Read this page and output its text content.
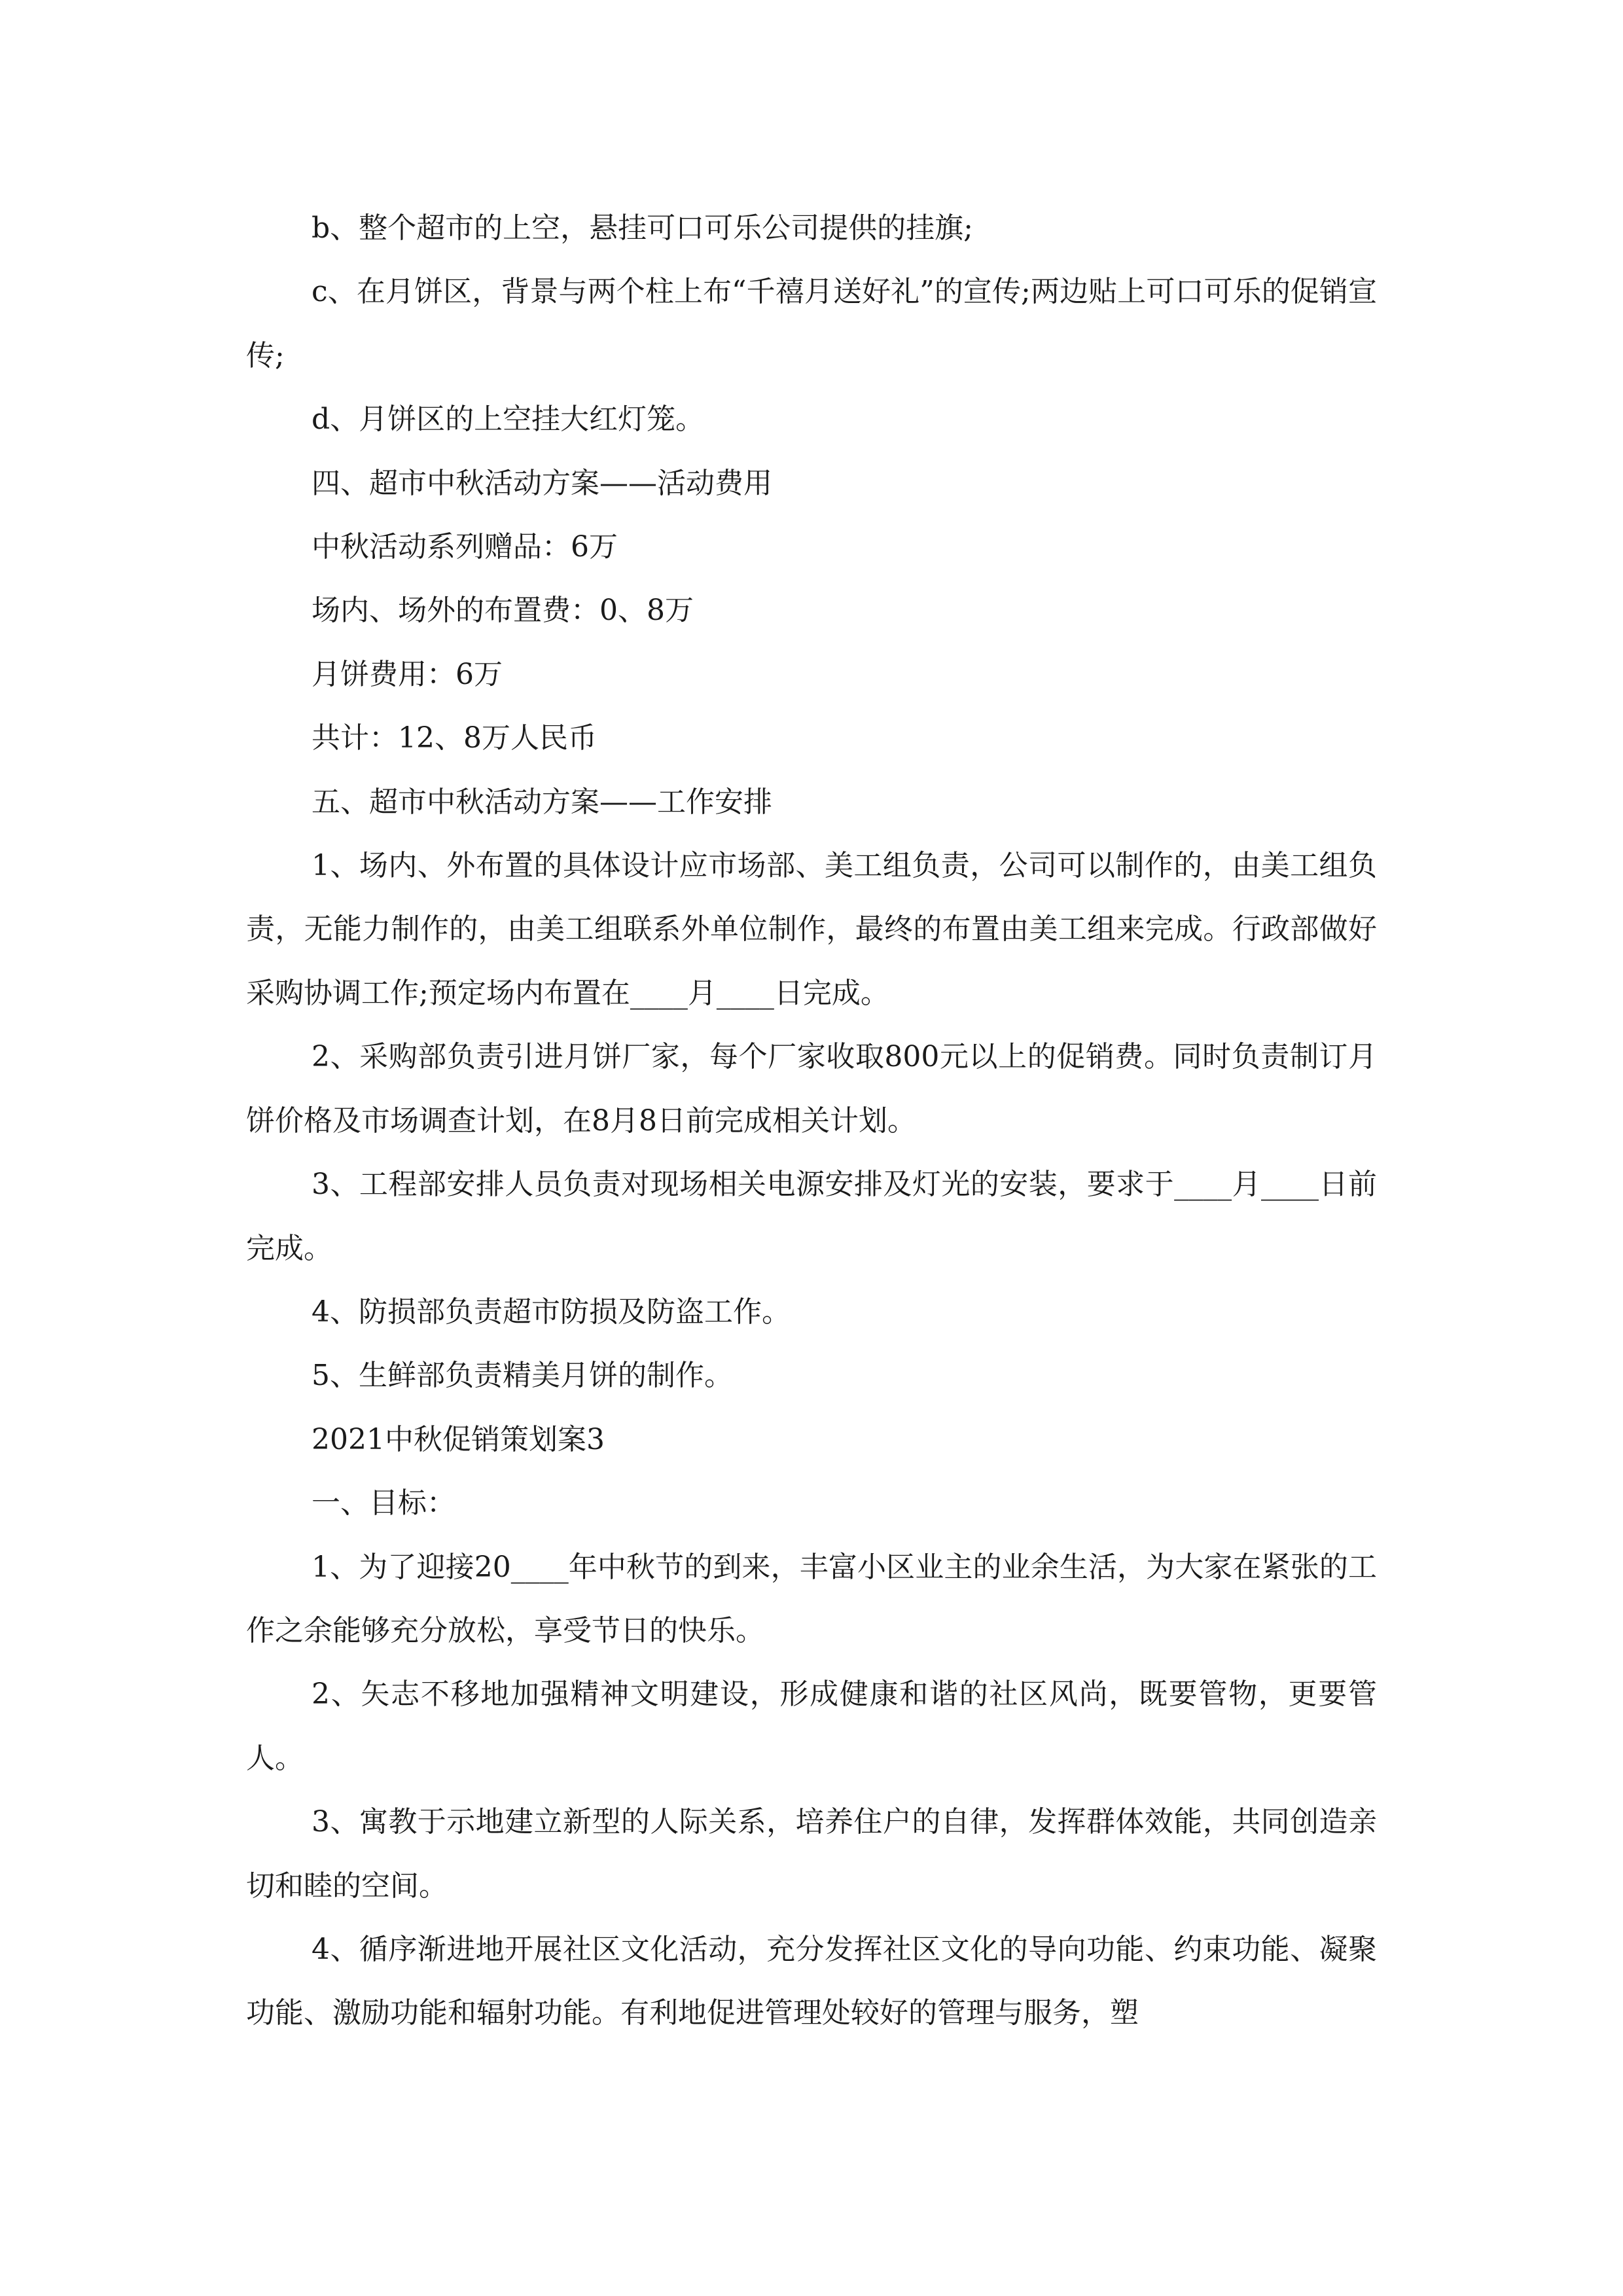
b、整个超市的上空，悬挂可口可乐公司提供的挂旗;

c、在月饼区，背景与两个柱上布“千禧月送好礼”的宣传;两边贴上可口可乐的促销宣传;

d、月饼区的上空挂大红灯笼。

四、超市中秋活动方案——活动费用

中秋活动系列赠品：6万

场内、场外的布置费：0、8万

月饼费用：6万

共计：12、8万人民币

五、超市中秋活动方案——工作安排

1、场内、外布置的具体设计应市场部、美工组负责，公司可以制作的，由美工组负责，无能力制作的，由美工组联系外单位制作，最终的布置由美工组来完成。行政部做好采购协调工作;预定场内布置在____月____日完成。

2、采购部负责引进月饼厂家，每个厂家收取800元以上的促销费。同时负责制订月饼价格及市场调查计划，在8月8日前完成相关计划。

3、工程部安排人员负责对现场相关电源安排及灯光的安装，要求于____月____日前完成。

4、防损部负责超市防损及防盗工作。

5、生鲜部负责精美月饼的制作。

2021中秋促销策划案3

一、目标：

1、为了迎接20____年中秋节的到来，丰富小区业主的业余生活，为大家在紧张的工作之余能够充分放松，享受节日的快乐。

2、矢志不移地加强精神文明建设，形成健康和谐的社区风尚，既要管物，更要管人。

3、寓教于示地建立新型的人际关系，培养住户的自律，发挥群体效能，共同创造亲切和睦的空间。

4、循序渐进地开展社区文化活动，充分发挥社区文化的导向功能、约束功能、凝聚功能、激励功能和辐射功能。有利地促进管理处较好的管理与服务，塑
